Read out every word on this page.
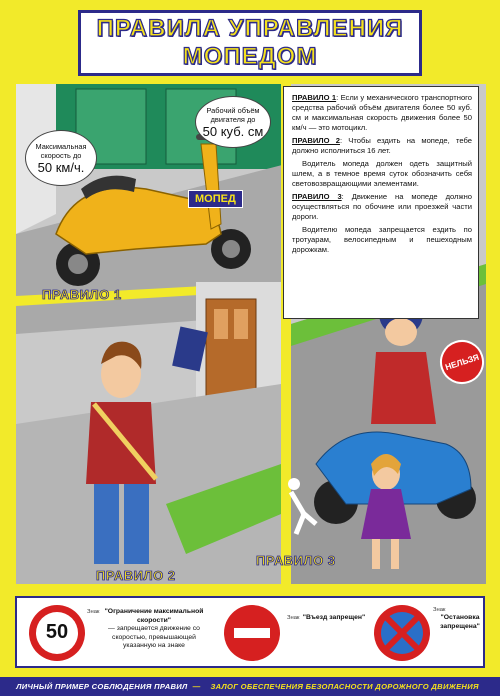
ПРАВИЛА УПРАВЛЕНИЯ
МОПЕДОМ
Максимальная
скорость до
50 км/ч.
Рабочий объём
двигателя до
50 куб. см
МОПЕД
ПРАВИЛО 1
ПРАВИЛО 2
ПРАВИЛО 3
НЕЛЬЗЯ

ПРАВИЛО 1: Если у механического транспортного средства рабочий объём двигателя более 50 куб. см и максимальная скорость движения более 50 км/ч — это мотоцикл.

ПРАВИЛО 2: Чтобы ездить на мопеде, тебе должно исполниться 16 лет.

Водитель мопеда должен одеть защитный шлем, а в темное время суток обозначить себя световозвращающими элементами.

ПРАВИЛО 3: Движение на мопеде должно осуществляться по обочине или проезжей части дороги.

Водителю мопеда запрещается ездить по тротуарам, велосипедным и пешеходным дорожкам.

50
Знак "Ограничение максимальной скорости"
— запрещается движение со скоростью, превышающей указанную на знаке
Знак "Въезд запрещен"
Знак
"Остановка запрещена"
ЛИЧНЫЙ ПРИМЕР СОБЛЮДЕНИЯ ПРАВИЛ — ЗАЛОГ ОБЕСПЕЧЕНИЯ БЕЗОПАСНОСТИ ДОРОЖНОГО ДВИЖЕНИЯ
